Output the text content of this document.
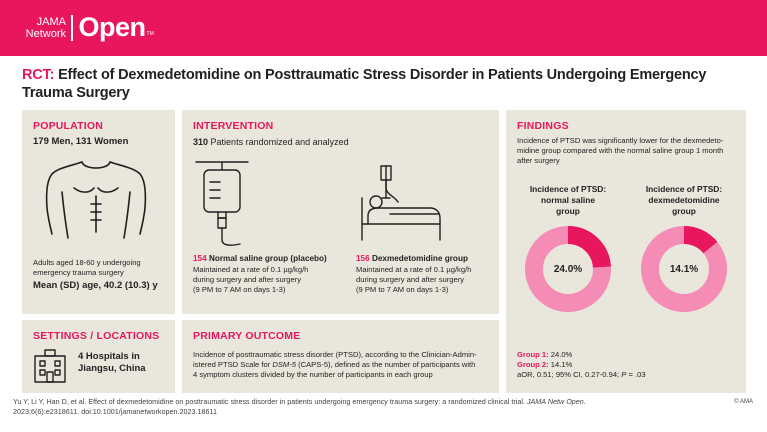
JAMA
Network Open TM
RCT: Effect of Dexmedetomidine on Posttraumatic Stress Disorder in Patients Undergoing Emergency Trauma Surgery
POPULATION
179 Men, 131 Women
Adults aged 18-60 y undergoing
emergency trauma surgery
Mean (SD) age, 40.2 (10.3) y
INTERVENTION
310 Patients randomized and analyzed
154 Normal saline group (placebo)
Maintained at a rate of 0.1 µg/kg/h
during surgery and after surgery
(9 PM to 7 AM on days 1-3)
156 Dexmedetomidine group
Maintained at a rate of 0.1 µg/kg/h
during surgery and after surgery
(9 PM to 7 AM on days 1-3)
FINDINGS
Incidence of PTSD was significantly lower for the dexmedeto-
midine group compared with the normal saline group 1 month
after surgery
Incidence of PTSD:
normal saline
group
Incidence of PTSD:
dexmedetomidine
group
24.0%	14.1%
Group 1: 24.0%
Group 2: 14.1%
aOR, 0.51; 95% CI, 0.27-0.94; P = .03
SETTINGS / LOCATIONS
4 Hospitals in
Jiangsu, China
PRIMARY OUTCOME
Incidence of posttraumatic stress disorder (PTSD), according to the Clinician-Admin-
istered PTSD Scale for DSM-5 (CAPS-5), defined as the number of participants with
4 symptom clusters divided by the number of participants in each group
Yu Y, Li Y, Han D, et al. Effect of dexmedetomidine on posttraumatic stress disorder in patients undergoing emergency trauma surgery: a randomized clinical trial. JAMA Netw Open.
2023;6(6):e2318611. doi:10.1001/jamanetworkopen.2023.18611
© AMA
